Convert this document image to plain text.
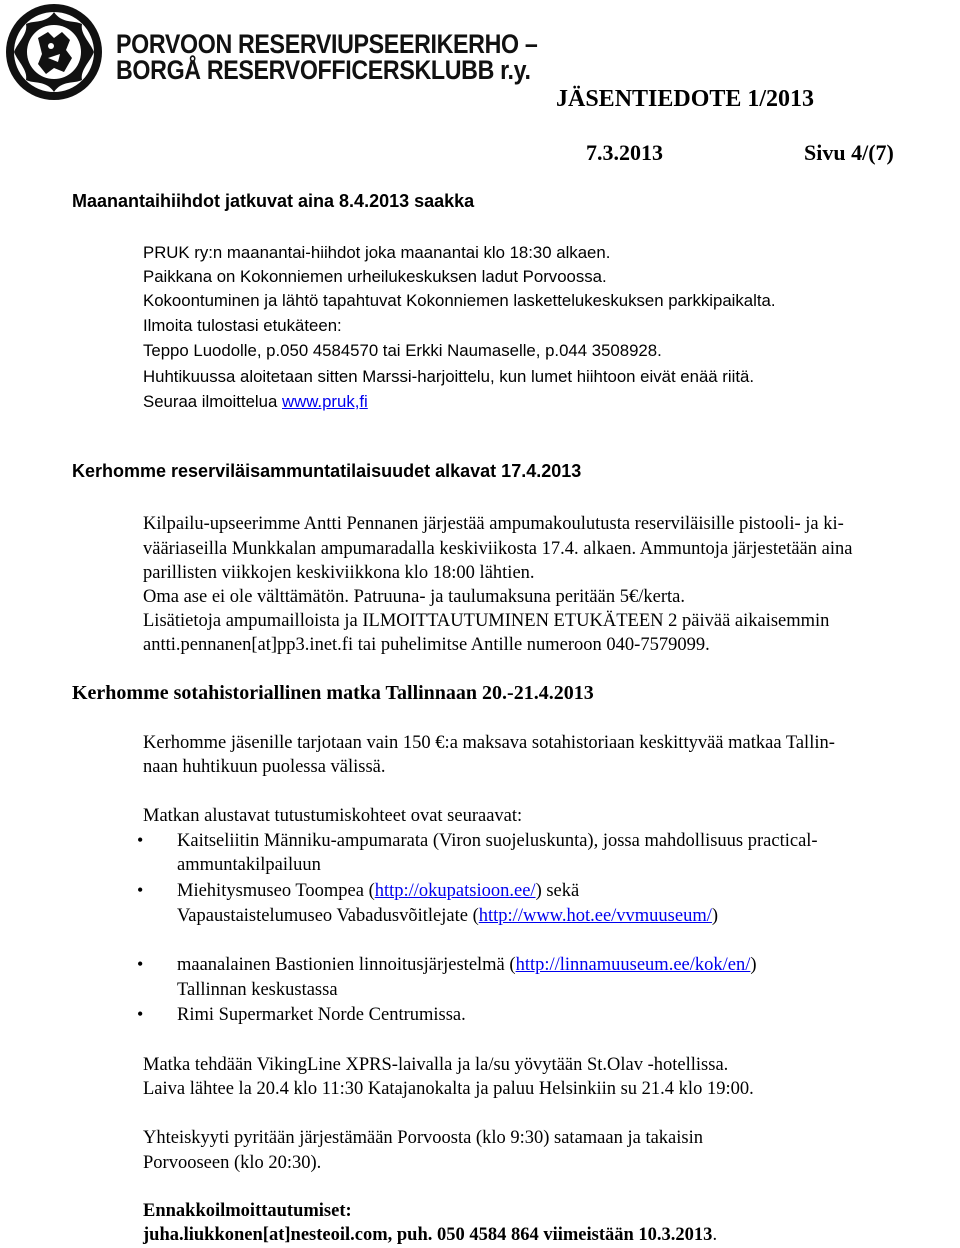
PORVOON RESERVIUPSEERIKERHO –
BORGÅ RESERVOFFICERSKLUBB r.y.
JÄSENTIEDOTE 1/2013
7.3.2013	Sivu 4/(7)
Maanantaihiihdot jatkuvat aina 8.4.2013 saakka
PRUK ry:n maanantai-hiihdot joka maanantai klo 18:30 alkaen.
Paikkana on Kokonniemen urheilukeskuksen ladut Porvoossa.
Kokoontuminen ja lähtö tapahtuvat Kokonniemen laskettelukeskuksen parkkipaikalta.
Ilmoita tulostasi etukäteen:
Teppo Luodolle, p.050 4584570 tai Erkki Naumaselle, p.044 3508928.
Huhtikuussa aloitetaan sitten Marssi-harjoittelu, kun lumet hiihtoon eivät enää riitä.
Seuraa ilmoittelua www.pruk,fi
Kerhomme reserviläisammuntatilaisuudet alkavat 17.4.2013
Kilpailu-upseerimme Antti Pennanen järjestää ampumakoulutusta reserviläisille pistooli- ja ki-
vääriaseilla Munkkalan ampumaradalla keskiviikosta 17.4. alkaen. Ammuntoja järjestetään aina
parillisten viikkojen keskiviikkona klo 18:00 lähtien.
Oma ase ei ole välttämätön. Patruuna- ja taulumaksuna peritään 5€/kerta.
Lisätietoja ampumailloista ja ILMOITTAUTUMINEN ETUKÄTEEN 2 päivää aikaisemmin
antti.pennanen[at]pp3.inet.fi tai puhelimitse Antille numeroon 040-7579099.
Kerhomme sotahistoriallinen matka Tallinnaan 20.-21.4.2013
Kerhomme jäsenille tarjotaan vain 150 €:a maksava sotahistoriaan keskittyvää matkaa Tallin-
naan huhtikuun puolessa välissä.
Matkan alustavat tutustumiskohteet ovat seuraavat:
• Kaitseliitin Männiku-ampumarata (Viron suojeluskunta), jossa mahdollisuus practical-
ammuntakilpailuun
• Miehitysmuseo Toompea (http://okupatsioon.ee/) sekä
Vapaustaistelumuseo Vabadusvõitlejate (http://www.hot.ee/vvmuuseum/)
• maanalainen Bastionien linnoitusjärjestelmä (http://linnamuuseum.ee/kok/en/)
Tallinnan keskustassa
• Rimi Supermarket Norde Centrumissa.
Matka tehdään VikingLine XPRS-laivalla ja la/su yövytään St.Olav -hotellissa.
Laiva lähtee la 20.4 klo 11:30 Katajanokalta ja paluu Helsinkiin su 21.4 klo 19:00.
Yhteiskyyti pyritään järjestämään Porvoosta (klo 9:30) satamaan ja takaisin
Porvooseen (klo 20:30).
Ennakkoilmoittautumiset:
juha.liukkonen[at]nesteoil.com, puh. 050 4584 864 viimeistään 10.3.2013.
